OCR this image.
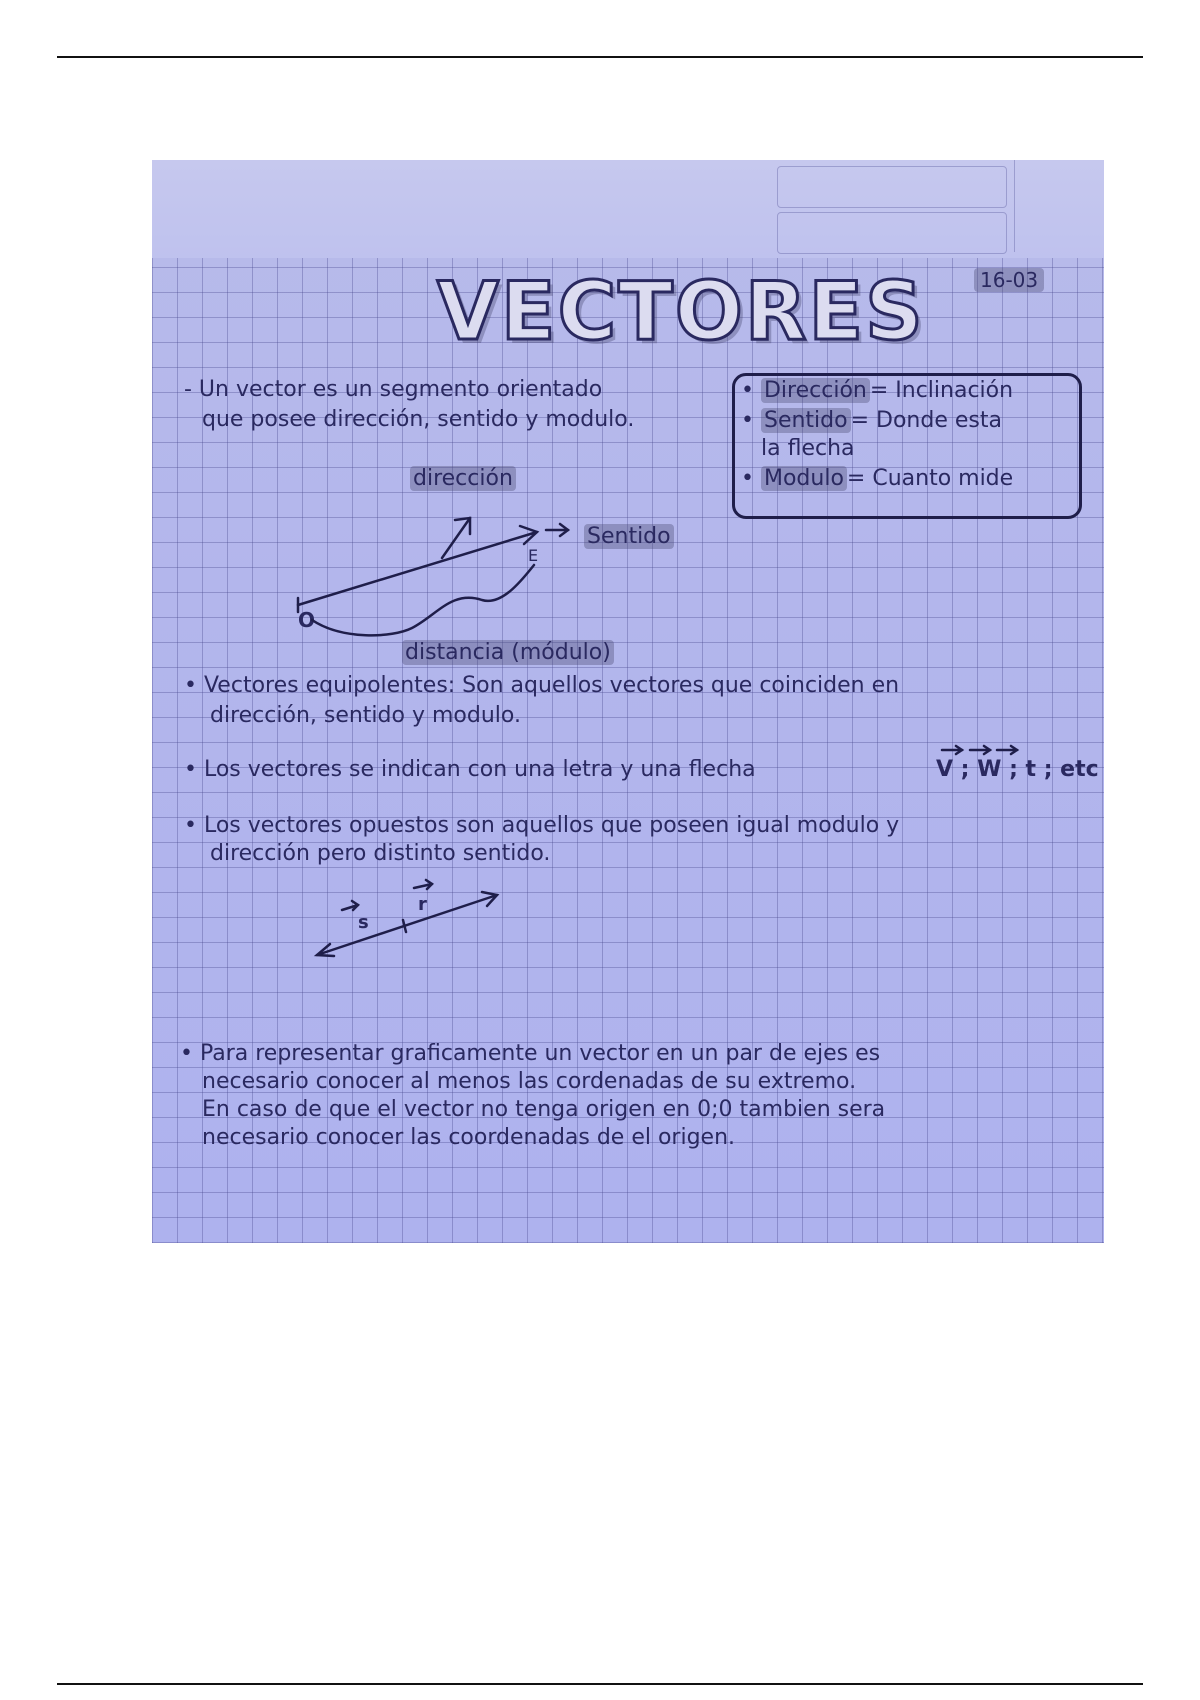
VECTORES	16-03
- Un vector es un segmento orientado
que posee dirección, sentido y modulo.
• Dirección = Inclinación
• Sentido = Donde esta
la flecha
• Modulo = Cuanto mide
dirección
Sentido
O
E
distancia (módulo)
s
r
• Vectores equipolentes: Son aquellos vectores que coinciden en
dirección, sentido y modulo.
• Los vectores se indican con una letra y una flecha	V ; W ; t ; etc
• Los vectores opuestos son aquellos que poseen igual modulo y
dirección pero distinto sentido.
• Para representar graficamente un vector en un par de ejes es
necesario conocer al menos las cordenadas de su extremo.
En caso de que el vector no tenga origen en 0;0 tambien sera
necesario conocer las coordenadas de el origen.
